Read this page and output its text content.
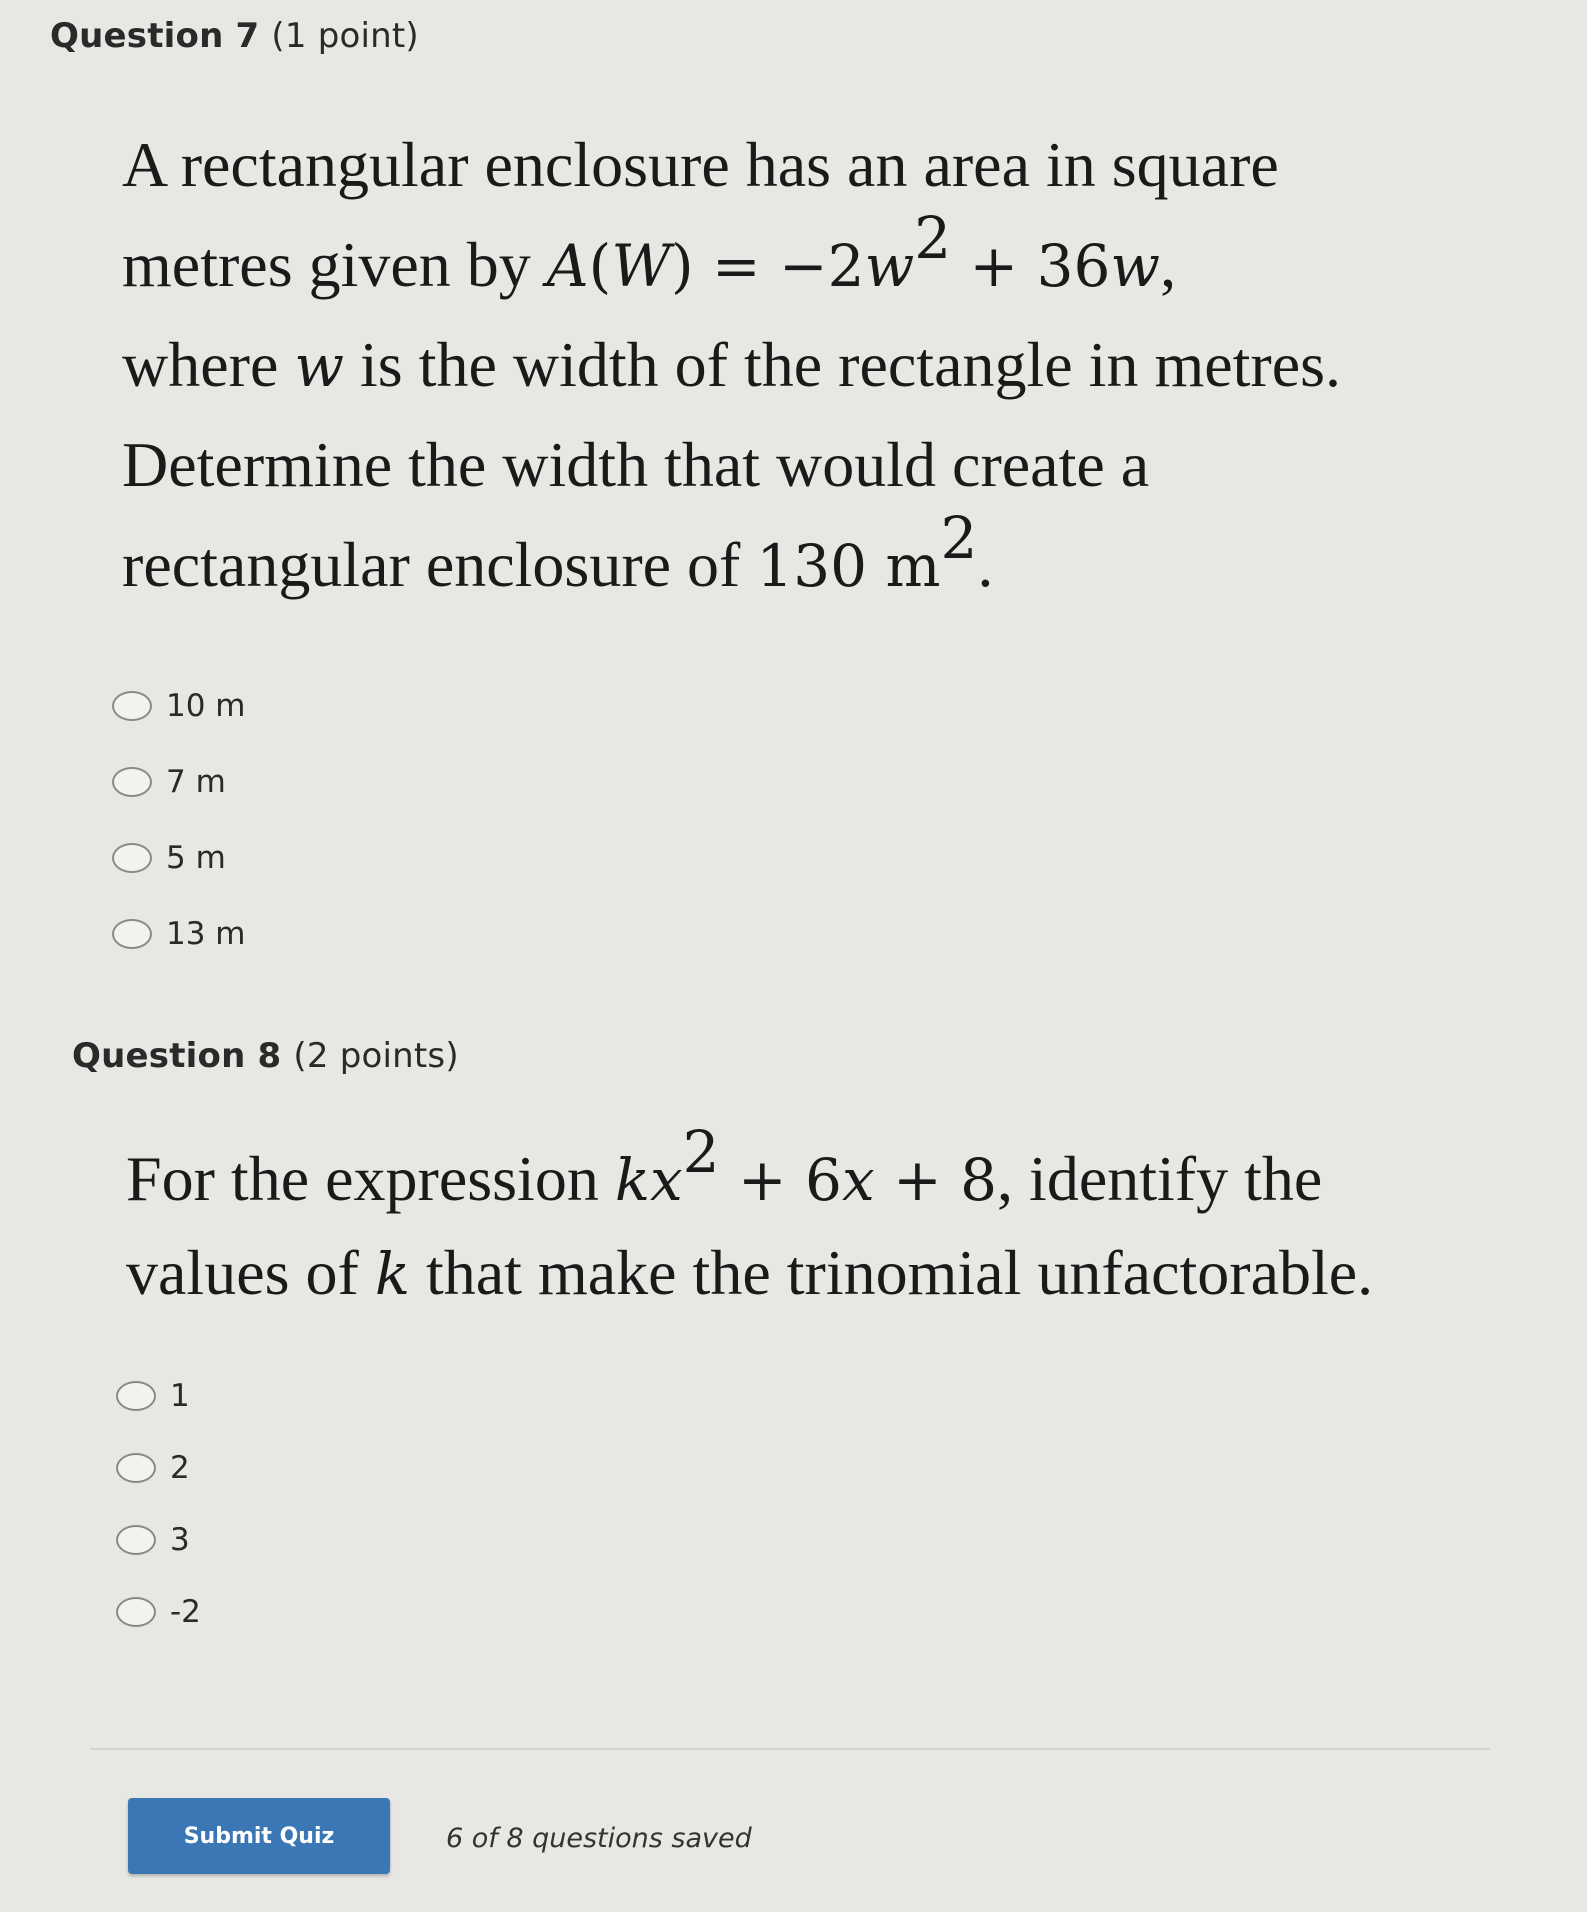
Question 7 (1 point)
A rectangular enclosure has an area in square
metres given by $A(W) = -2w^2 + 36w$,
where w is the width of the rectangle in metres.
Determine the width that would create a
rectangular enclosure of 130 $m^2$.
10 m
7 m
5 m
13 m
Question 8 (2 points)
For the expression $kx^2 + 6x + 8$, identify the
values of k that make the trinomial unfactorable.
1
2
3
-2
Submit Quiz	6 of 8 questions saved
